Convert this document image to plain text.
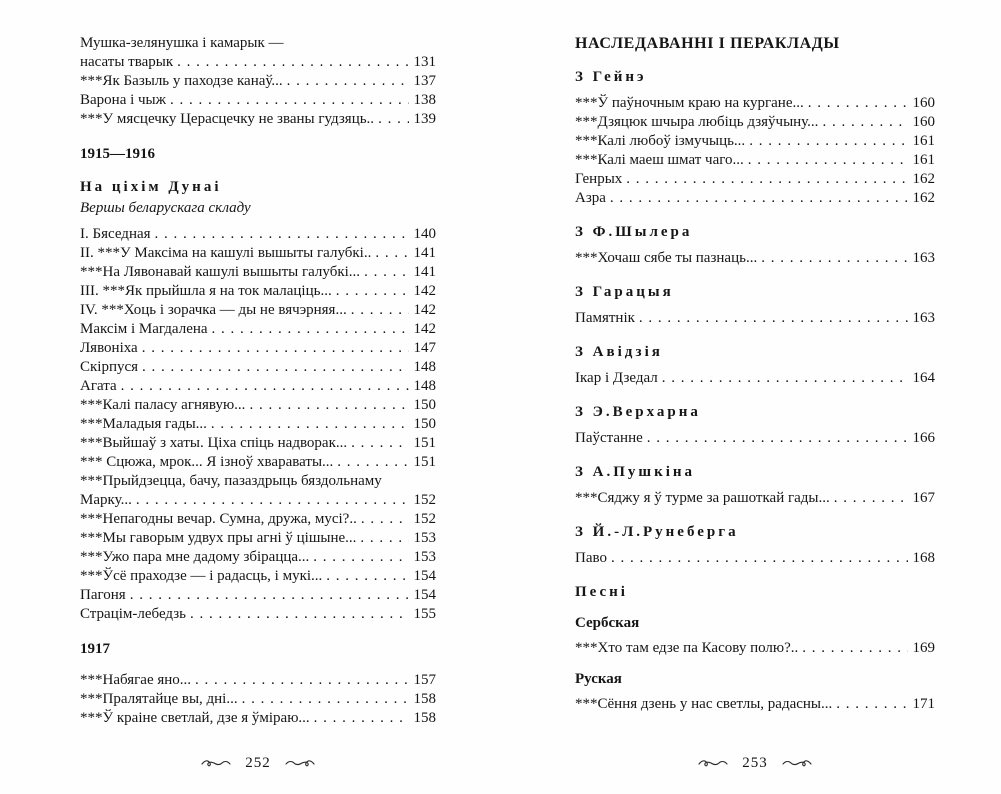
Мушка-зелянушка і камарык —
насаты тварык . . .	131
***Як Базыль у паходзе канаў... . . .	137
Варона і чыж . . .	138
***У мясцечку Церасцечку не званы гудзяць.. . . .	139
1915—1916
На ціхім Дунаі
Вершы беларускага складу
І. Бяседная . . .	140
ІІ. ***У Максіма на кашулі вышыты галубкі.. . . .	141
***На Лявонавай кашулі вышыты галубкі... . . .	141
ІІІ. ***Як прыйшла я на ток малаціць... . . .	142
ІV. ***Хоць і зорачка — ды не вячэрняя... . . .	142
Максім і Магдалена . . .	142
Лявоніха . . .	147
Скірпуся . . .	148
Агата . . .	148
***Калі паласу агнявую... . . .	150
***Маладыя гады... . . .	150
***Выйшаў з хаты. Ціха спіць надворак... . . .	151
*** Сцюжа, мрок... Я ізноў хвараваты... . . .	151
***Прыйдзецца, бачу, пазаздрыць бяздольнаму
Марку... . . .	152
***Непагодны вечар. Сумна, дружа, мусі?.. . . .	152
***Мы гаворым удвух пры агні ў цішыне... . . .	153
***Ужо пара мне дадому збірацца... . . .	153
***Ўсё праходзе — і радасць, і мукі... . . .	154
Пагоня . . .	154
Страцім-лебедзь . . .	155
1917
***Набягае яно... . . .	157
***Пралятайце вы, дні... . . .	158
***Ў краіне светлай, дзе я ўміраю... . . .	158
252
НАСЛЕДАВАННІ І ПЕРАКЛАДЫ
З Гейнэ
***Ў паўночным краю на кургане... . . .	160
***Дзяцюк шчыра любіць дзяўчыну... . . .	160
***Калі любоў ізмучыць... . . .	161
***Калі маеш шмат чаго... . . .	161
Генрых . . .	162
Азра . . .	162
З Ф.Шылера
***Хочаш сябе ты пазнаць... . . .	163
З Гарацыя
Памятнік . . .	163
З Авідзія
Ікар і Дзедал . . .	164
З Э.Верхарна
Паўстанне . . .	166
З А.Пушкіна
***Сяджу я ў турме за рашоткай гады... . . .	167
З Й.-Л.Рунеберга
Паво . . .	168
Песні
Сербская
***Хто там едзе па Касову полю?.. . . .	169
Руская
***Сёння дзень у нас светлы, радасны... . . .	171
253
